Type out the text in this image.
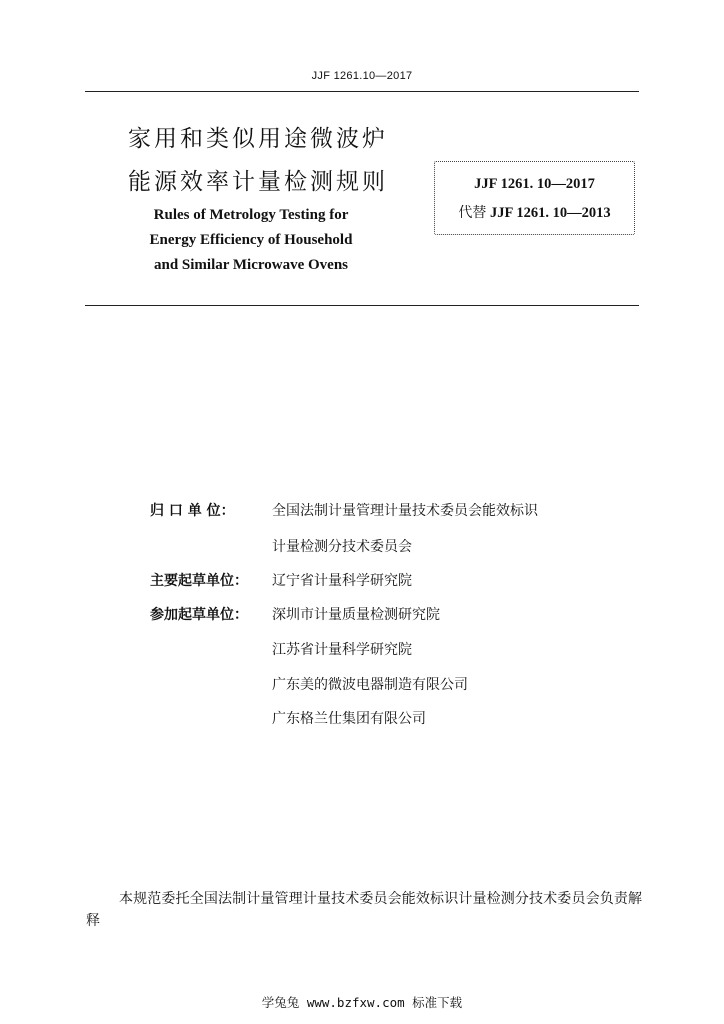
JJF 1261.10—2017
家用和类似用途微波炉
能源效率计量检测规则
Rules of Metrology Testing for
Energy Efficiency of Household
and Similar Microwave Ovens
JJF 1261. 10—2017
代替 JJF 1261. 10—2013
归 口 单 位：	全国法制计量管理计量技术委员会能效标识
计量检测分技术委员会
主要起草单位：	辽宁省计量科学研究院
参加起草单位：	深圳市计量质量检测研究院
江苏省计量科学研究院
广东美的微波电器制造有限公司
广东格兰仕集团有限公司
本规范委托全国法制计量管理计量技术委员会能效标识计量检测分技术委员会负责解释
学兔兔 www.bzfxw.com 标准下载
